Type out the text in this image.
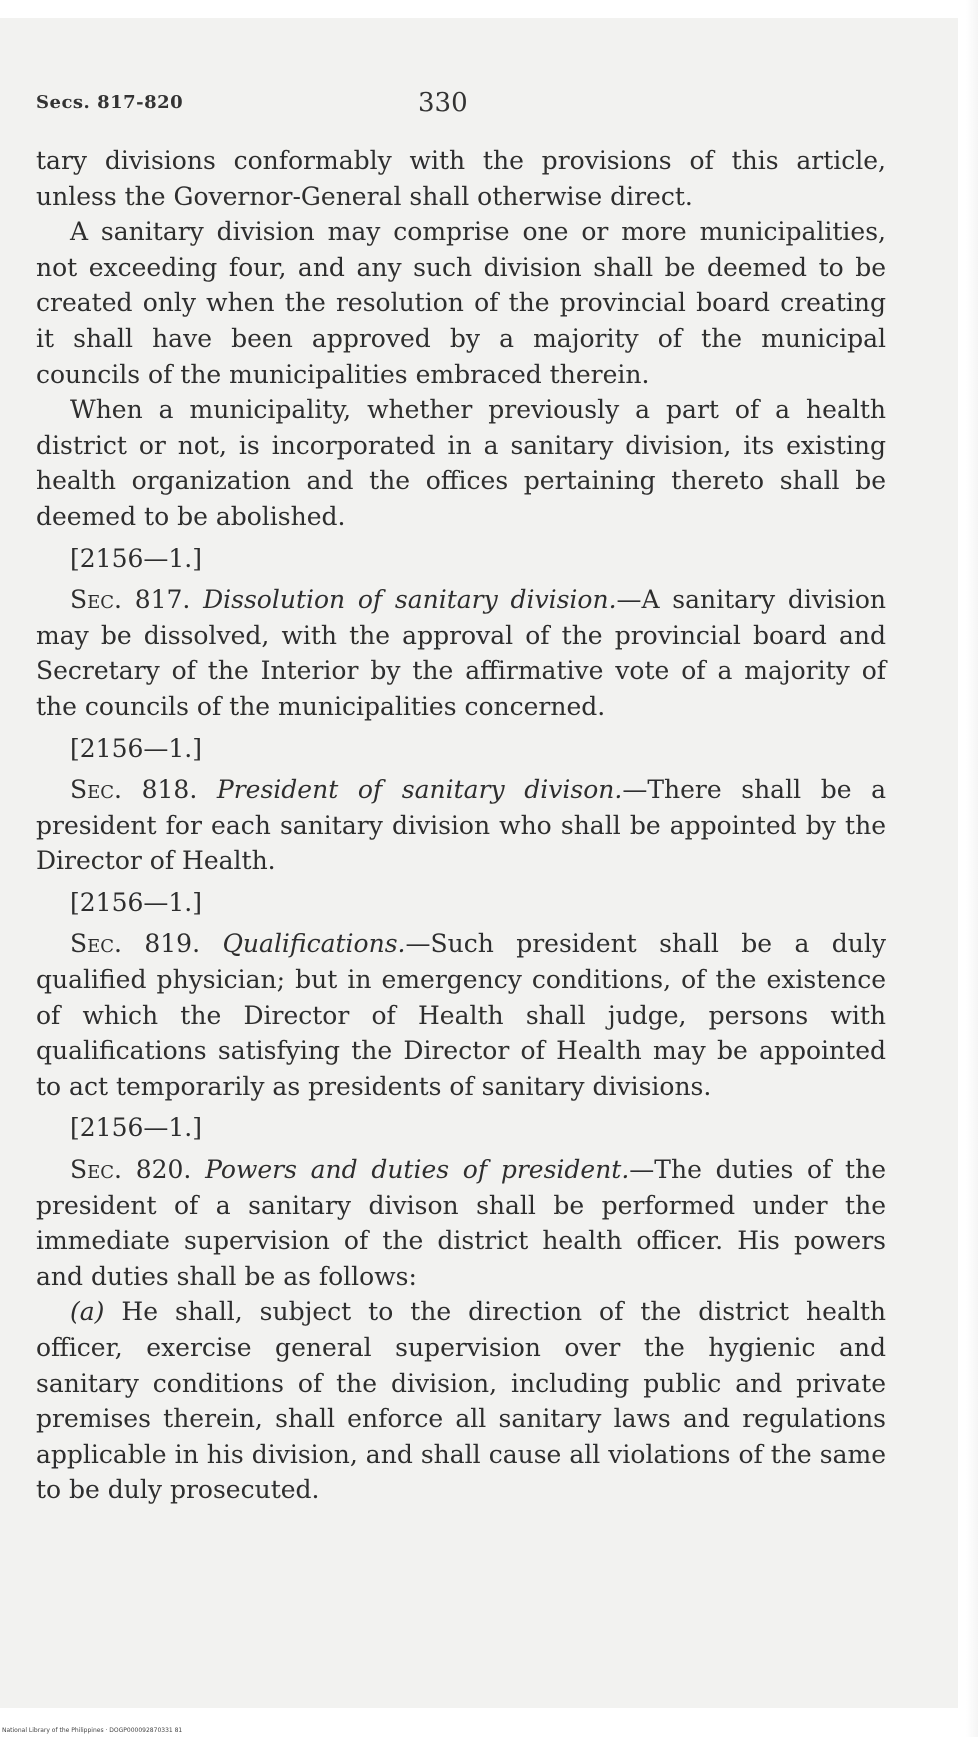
Secs. 817-820	330

tary divisions conformably with the provisions of this article, unless the Governor-General shall otherwise direct.

A sanitary division may comprise one or more municipalities, not exceeding four, and any such division shall be deemed to be created only when the resolution of the provincial board creating it shall have been approved by a majority of the municipal councils of the municipalities embraced therein.

When a municipality, whether previously a part of a health district or not, is incorporated in a sanitary division, its existing health organization and the offices pertaining thereto shall be deemed to be abolished.

[2156—1.]

Sec. 817. Dissolution of sanitary division.—A sanitary division may be dissolved, with the approval of the provincial board and Secretary of the Interior by the affirmative vote of a majority of the councils of the municipalities concerned.

[2156—1.]

Sec. 818. President of sanitary divison.—There shall be a president for each sanitary division who shall be appointed by the Director of Health.

[2156—1.]

Sec. 819. Qualifications.—Such president shall be a duly qualified physician; but in emergency conditions, of the existence of which the Director of Health shall judge, persons with qualifications satisfying the Director of Health may be appointed to act temporarily as presidents of sanitary divisions.

[2156—1.]

Sec. 820. Powers and duties of president.—The duties of the president of a sanitary divison shall be performed under the immediate supervision of the district health officer. His powers and duties shall be as follows:

(a) He shall, subject to the direction of the district health officer, exercise general supervision over the hygienic and sanitary conditions of the division, including public and private premises therein, shall enforce all sanitary laws and regulations applicable in his division, and shall cause all violations of the same to be duly prosecuted.

National Library of the Philippines · DOGP000092870331 81
